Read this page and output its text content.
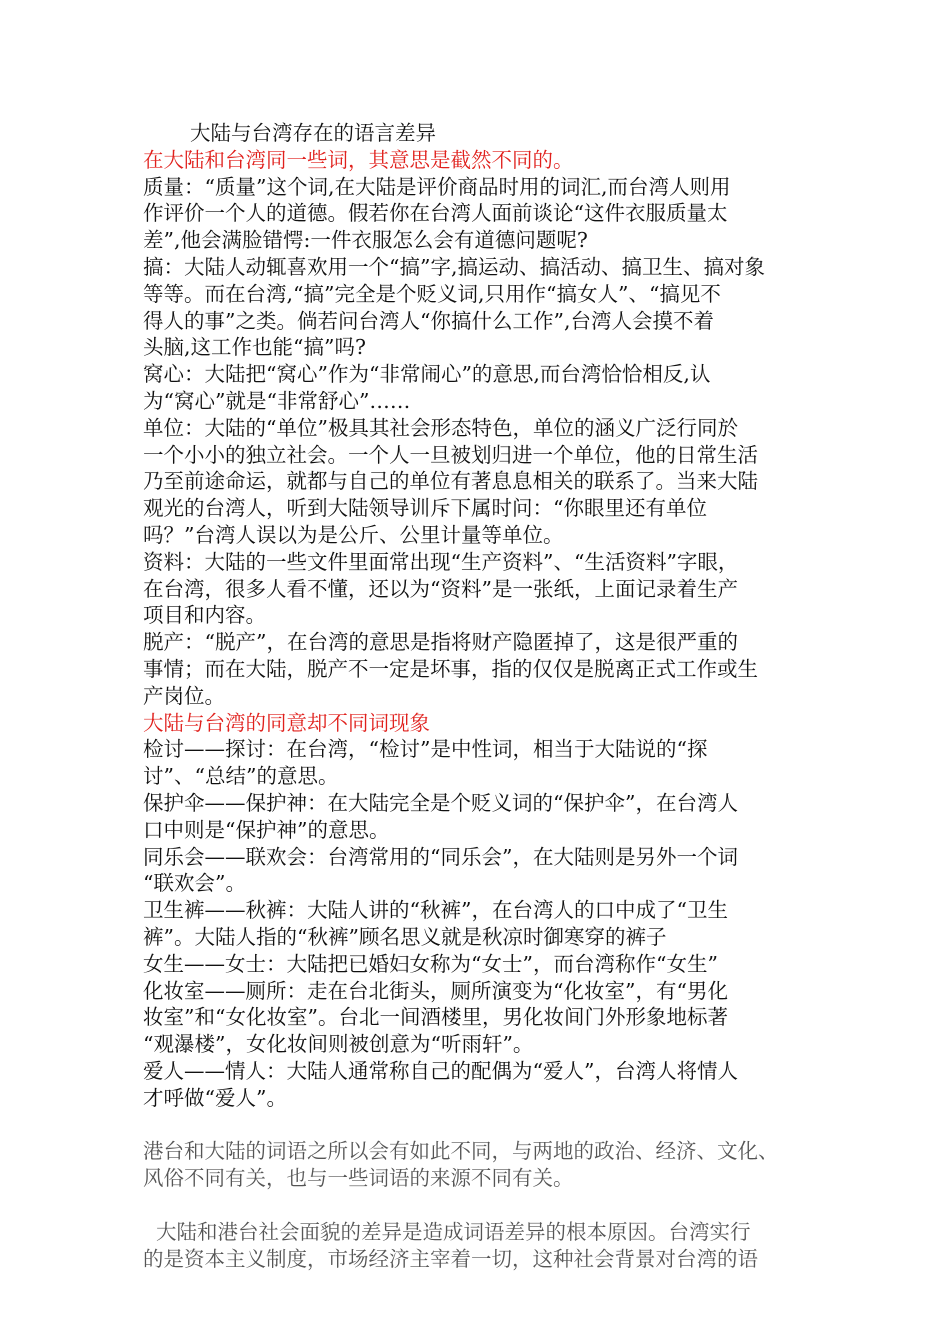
大陆与台湾存在的语言差异
在大陆和台湾同一些词，其意思是截然不同的。
质量：“质量”这个词,在大陆是评价商品时用的词汇,而台湾人则用
作评价一个人的道德。假若你在台湾人面前谈论“这件衣服质量太
差”,他会满脸错愕:一件衣服怎么会有道德问题呢?
搞：大陆人动辄喜欢用一个“搞”字,搞运动、搞活动、搞卫生、搞对象
等等。而在台湾,“搞”完全是个贬义词,只用作“搞女人”、“搞见不
得人的事”之类。倘若问台湾人“你搞什么工作”,台湾人会摸不着
头脑,这工作也能“搞”吗?
窝心：大陆把“窝心”作为“非常闹心”的意思,而台湾恰恰相反,认
为“窝心”就是“非常舒心”……
单位：大陆的“单位”极具其社会形态特色，单位的涵义广泛行同於
一个小小的独立社会。一个人一旦被划归进一个单位，他的日常生活
乃至前途命运，就都与自己的单位有著息息相关的联系了。当来大陆
观光的台湾人，听到大陆领导训斥下属时问：“你眼里还有单位
吗？”台湾人误以为是公斤、公里计量等单位。
资料：大陆的一些文件里面常出现“生产资料”、“生活资料”字眼，
在台湾，很多人看不懂，还以为“资料”是一张纸，上面记录着生产
项目和内容。
脱产：“脱产”，在台湾的意思是指将财产隐匿掉了，这是很严重的
事情；而在大陆，脱产不一定是坏事，指的仅仅是脱离正式工作或生
产岗位。
大陆与台湾的同意却不同词现象
检讨——探讨：在台湾，“检讨”是中性词，相当于大陆说的“探
讨”、“总结”的意思。
保护伞——保护神：在大陆完全是个贬义词的“保护伞”，在台湾人
口中则是“保护神”的意思。
同乐会——联欢会：台湾常用的“同乐会”，在大陆则是另外一个词
“联欢会”。
卫生裤——秋裤：大陆人讲的“秋裤”，在台湾人的口中成了“卫生
裤”。大陆人指的“秋裤”顾名思义就是秋凉时御寒穿的裤子
女生——女士：大陆把已婚妇女称为“女士”，而台湾称作“女生”
化妆室——厕所：走在台北街头，厕所演变为“化妆室”，有“男化
妆室”和“女化妆室”。台北一间酒楼里，男化妆间门外形象地标著
“观瀑楼”，女化妆间则被创意为“听雨轩”。
爱人——情人：大陆人通常称自己的配偶为“爱人”，台湾人将情人
才呼做“爱人”。
港台和大陆的词语之所以会有如此不同，与两地的政治、经济、文化、
风俗不同有关，也与一些词语的来源不同有关。
大陆和港台社会面貌的差异是造成词语差异的根本原因。台湾实行
的是资本主义制度，市场经济主宰着一切，这种社会背景对台湾的语
